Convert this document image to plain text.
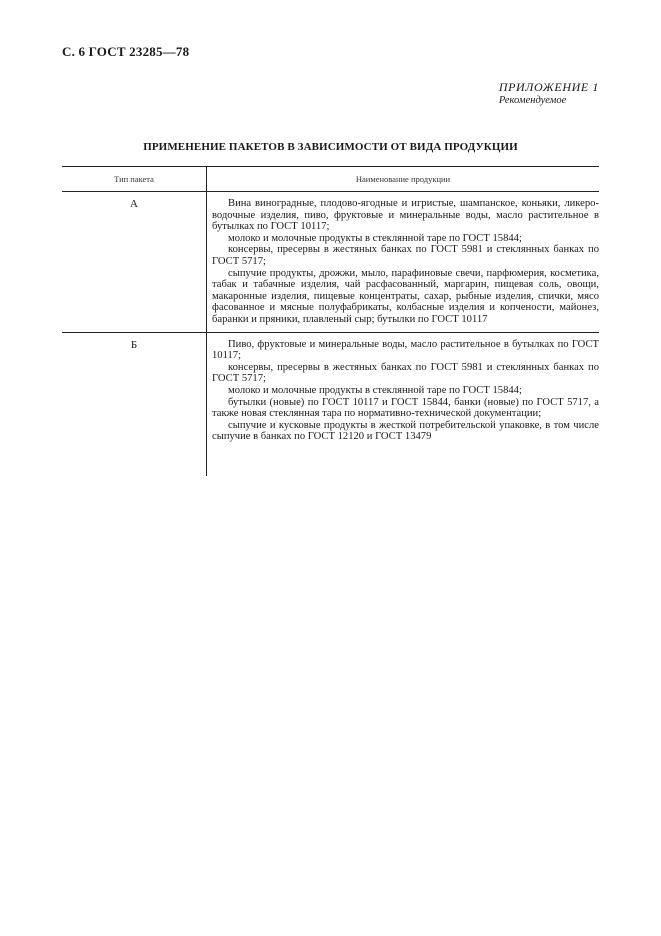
С. 6 ГОСТ 23285—78
ПРИЛОЖЕНИЕ 1
Рекомендуемое
ПРИМЕНЕНИЕ ПАКЕТОВ В ЗАВИСИМОСТИ ОТ ВИДА ПРОДУКЦИИ
Тип пакета	Наименование продукции
А	Вина виноградные, плодово-ягодные и игристые, шампанское, коньяки, ликеро-водочные изделия, пиво, фруктовые и минеральные воды, масло растительное в бутылках по ГОСТ 10117;

молоко и молочные продукты в стеклянной таре по ГОСТ 15844;

консервы, пресервы в жестяных банках по ГОСТ 5981 и стеклянных банках по ГОСТ 5717;

сыпучие продукты, дрожжи, мыло, парафиновые свечи, парфюмерия, косметика, табак и табачные изделия, чай расфасованный, маргарин, пищевая соль, овощи, макаронные изделия, пищевые концентраты, сахар, рыбные изделия, спички, мясо фасованное и мясные полуфабрикаты, колбасные изделия и копчености, майонез, баранки и пряники, плавленый сыр; бутылки по ГОСТ 10117

Б	Пиво, фруктовые и минеральные воды, масло растительное в бутылках по ГОСТ 10117;

консервы, пресервы в жестяных банках по ГОСТ 5981 и стеклянных банках по ГОСТ 5717;

молоко и молочные продукты в стеклянной таре по ГОСТ 15844;

бутылки (новые) по ГОСТ 10117 и ГОСТ 15844, банки (новые) по ГОСТ 5717, а также новая стеклянная тара по нормативно-технической документации;

сыпучие и кусковые продукты в жесткой потребительской упаковке, в том числе сыпучие в банках по ГОСТ 12120 и ГОСТ 13479
